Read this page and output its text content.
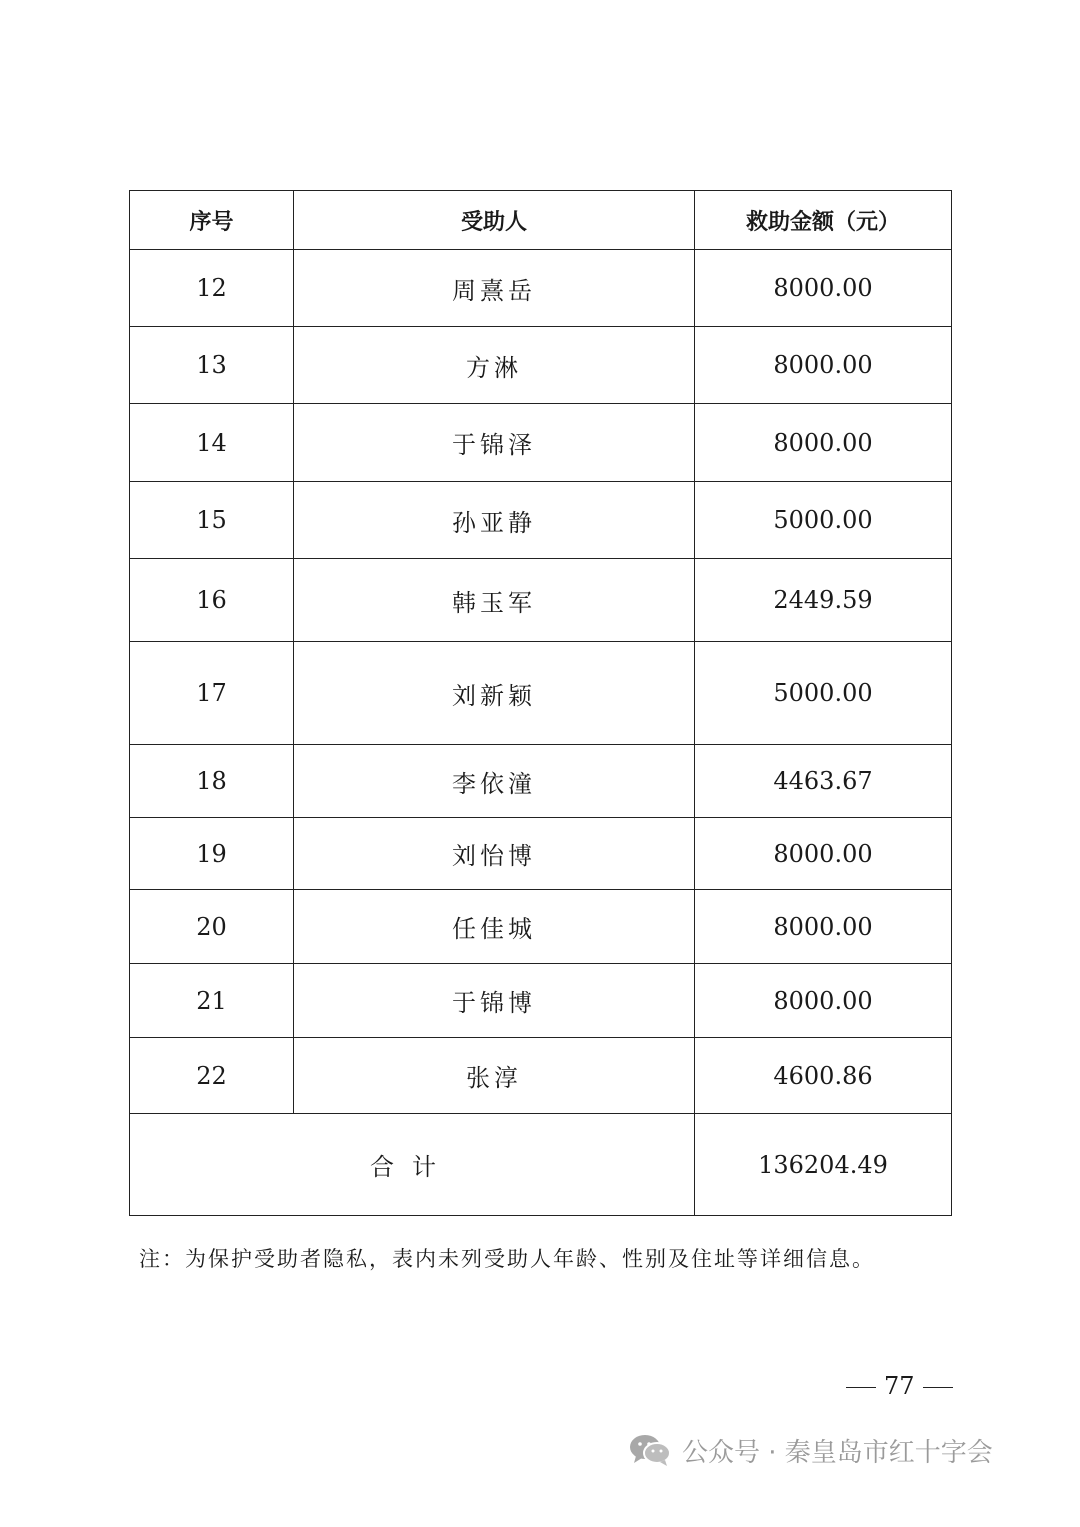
序号	受助人	救助金额（元）
12	周熹岳	8000.00
13	方淋	8000.00
14	于锦泽	8000.00
15	孙亚静	5000.00
16	韩玉军	2449.59
17	刘新颖	5000.00
18	李依潼	4463.67
19	刘怡博	8000.00
20	任佳城	8000.00
21	于锦博	8000.00
22	张淳	4600.86
合计		136204.49
注：为保护受助者隐私，表内未列受助人年龄、性别及住址等详细信息。
77
公众号 · 秦皇岛市红十字会
